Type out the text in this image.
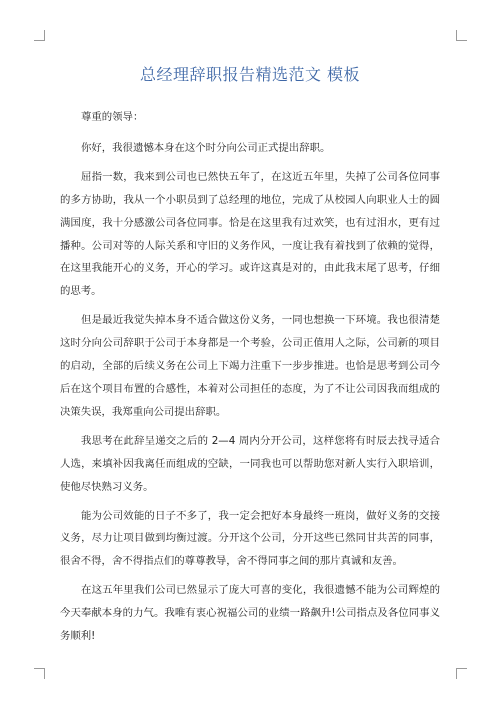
总经理辞职报告精选范文 模板

尊重的领导：

你好，我很遗憾本身在这个时分向公司正式提出辞职。

屈指一数，我来到公司也已然快五年了，在这近五年里，失掉了公司各位同事的多方协助，我从一个小职员到了总经理的地位，完成了从校园人向职业人士的圆满国度，我十分感激公司各位同事。恰是在这里我有过欢笑，也有过泪水，更有过播种。公司对等的人际关系和守旧的义务作风，一度让我有着找到了依赖的觉得，在这里我能开心的义务，开心的学习。或许这真是对的，由此我末尾了思考，仔细的思考。

但是最近我觉失掉本身不适合做这份义务，一同也想换一下环境。我也很清楚这时分向公司辞职于公司于本身都是一个考验，公司正值用人之际，公司新的项目的启动，全部的后续义务在公司上下竭力注重下一步步推进。也恰是思考到公司今后在这个项目布置的合感性，本着对公司担任的态度，为了不让公司因我而组成的决策失误，我郑重向公司提出辞职。

我思考在此辞呈递交之后的 2—4 周内分开公司，这样您将有时辰去找寻适合人选，来填补因我离任而组成的空缺，一同我也可以帮助您对新人实行入职培训，使他尽快熟习义务。

能为公司效能的日子不多了，我一定会把好本身最终一班岗，做好义务的交接义务，尽力让项目做到均衡过渡。分开这个公司，分开这些已然同甘共苦的同事，很舍不得，舍不得指点们的尊尊教导，舍不得同事之间的那片真诚和友善。

在这五年里我们公司已然显示了庞大可喜的变化，我很遗憾不能为公司辉煌的今天奉献本身的力气。我唯有衷心祝福公司的业绩一路飙升!公司指点及各位同事义务顺利!
